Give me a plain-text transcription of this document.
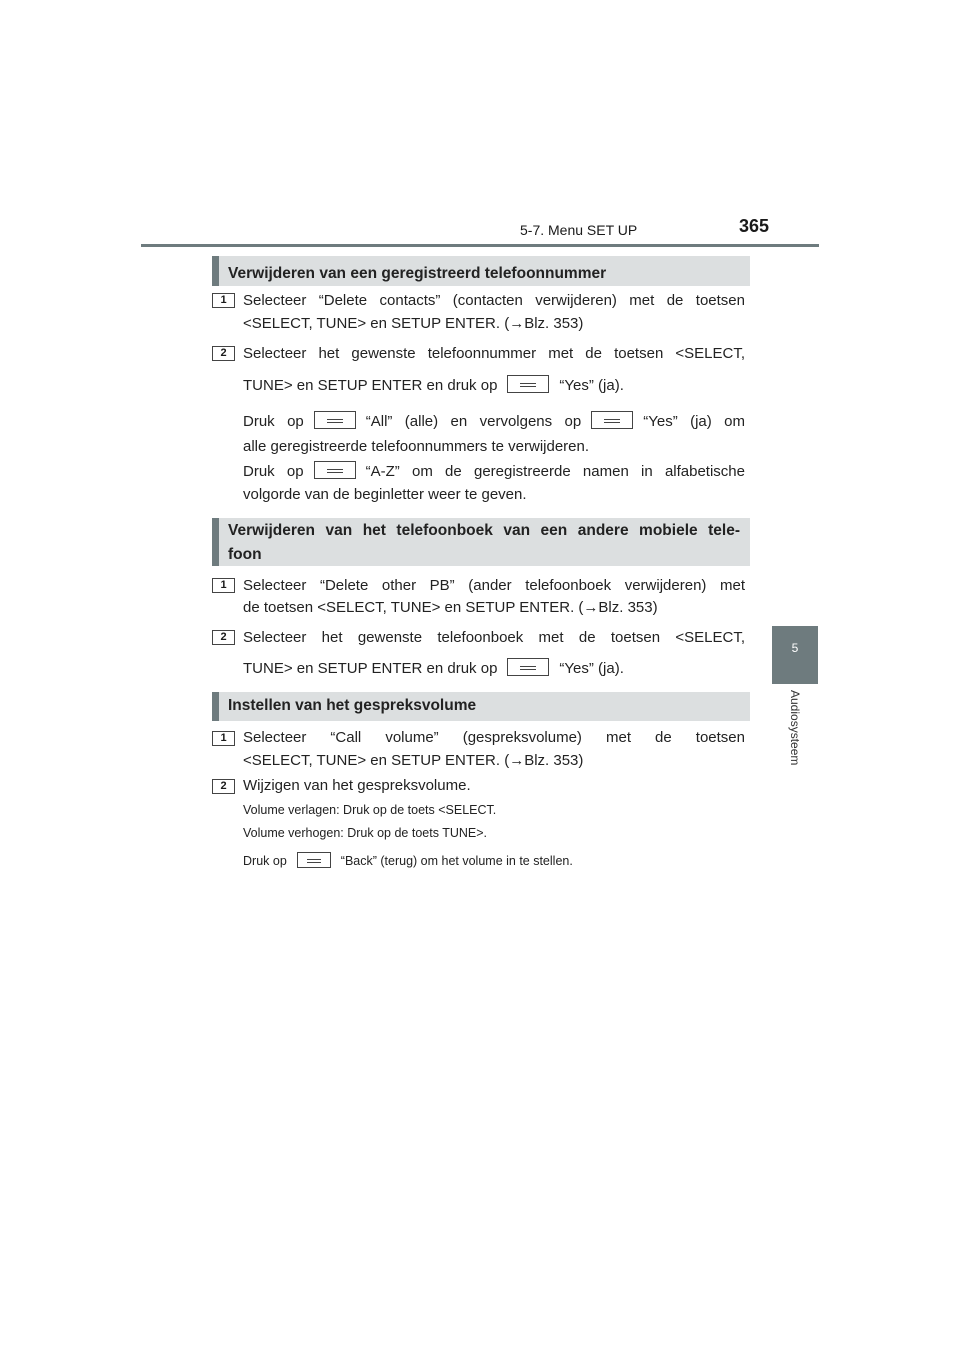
5-7. Menu SET UP	365
5
Audiosysteem
Verwijderen van een geregistreerd telefoonnummer
1	Selecteer “Delete contacts” (contacten verwijderen) met de toetsen
<SELECT, TUNE> en SETUP ENTER. (→Blz. 353)
2	Selecteer het gewenste telefoonnummer met de toetsen <SELECT,
TUNE> en SETUP ENTER en druk op	“Yes” (ja).
Druk op	“All” (alle) en vervolgens op	“Yes” (ja) om
alle geregistreerde telefoonnummers te verwijderen.
Druk op	“A-Z” om de geregistreerde namen in alfabetische
volgorde van de beginletter weer te geven.
Verwijderen van het telefoonboek van een andere mobiele tele-
foon
1	Selecteer “Delete other PB” (ander telefoonboek verwijderen) met
de toetsen <SELECT, TUNE> en SETUP ENTER. (→Blz. 353)
2	Selecteer het gewenste telefoonboek met de toetsen <SELECT,
TUNE> en SETUP ENTER en druk op	“Yes” (ja).
Instellen van het gespreksvolume
1	Selecteer “Call volume” (gespreksvolume) met de toetsen
<SELECT, TUNE> en SETUP ENTER. (→Blz. 353)
2	Wijzigen van het gespreksvolume.
Volume verlagen: Druk op de toets <SELECT.
Volume verhogen: Druk op de toets TUNE>.
Druk op	“Back” (terug) om het volume in te stellen.
